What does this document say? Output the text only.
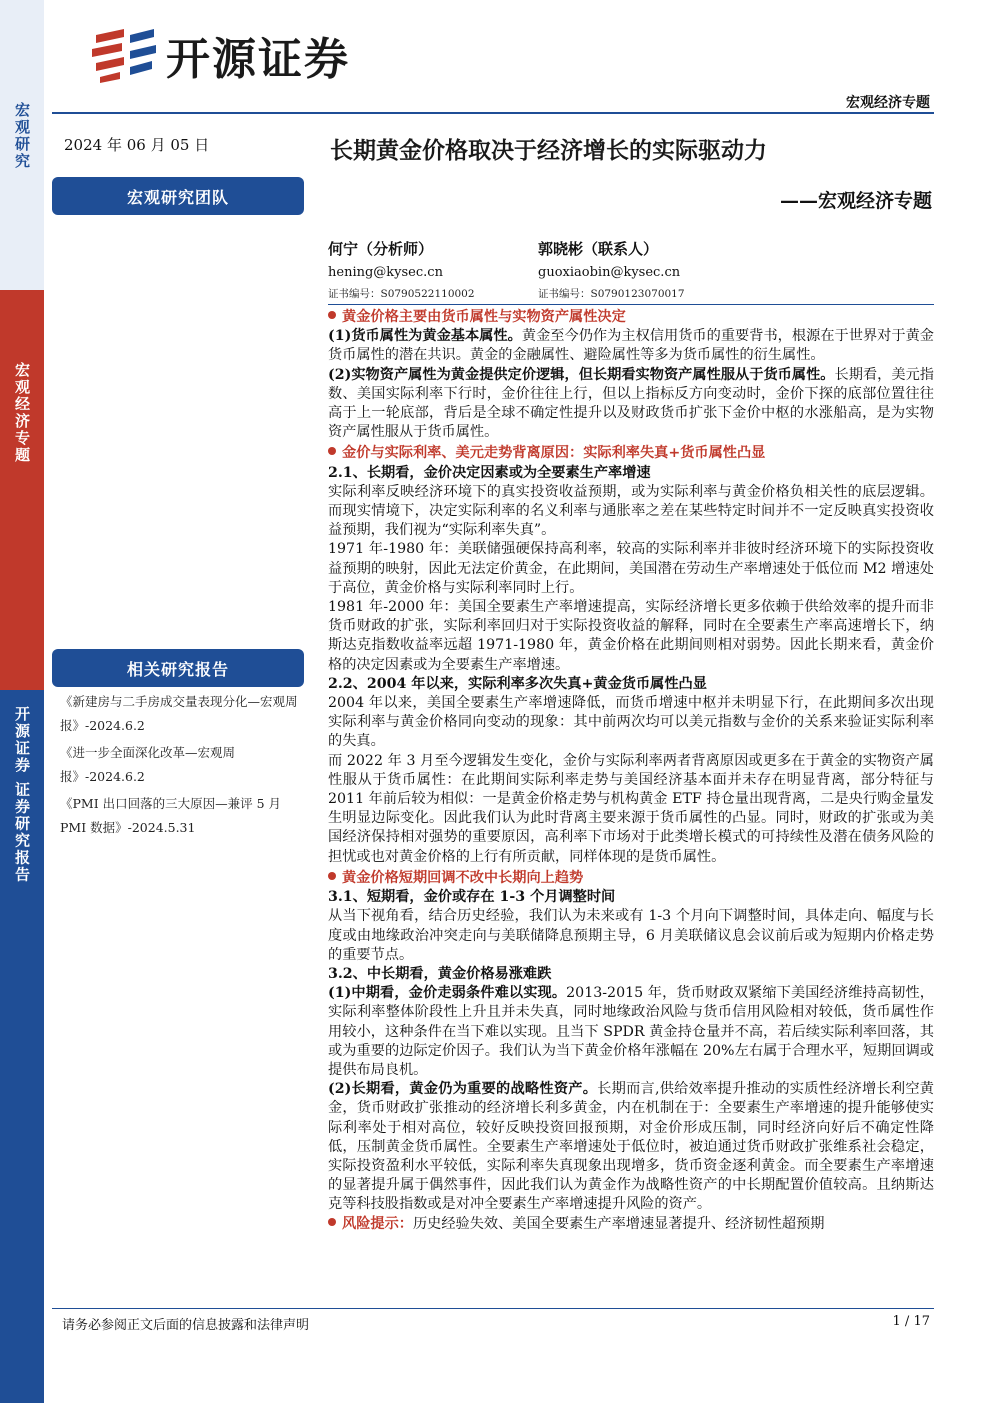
宏观研究
宏观经济专题
开源证券 证券研究报告
开源证券
宏观经济专题
2024 年 06 月 05 日	长期黄金价格取决于经济增长的实际驱动力
——宏观经济专题
宏观研究团队
何宁（分析师）
hening@kysec.cn
证书编号：S0790522110002
郭晓彬（联系人）
guoxiaobin@kysec.cn
证书编号：S0790123070017
相关研究报告
《新建房与二手房成交量表现分化—宏观周报》-2024.6.2
《进一步全面深化改革—宏观周报》-2024.6.2
《PMI 出口回落的三大原因—兼评 5 月 PMI 数据》-2024.5.31
黄金价格主要由货币属性与实物资产属性决定

(1)货币属性为黄金基本属性。黄金至今仍作为主权信用货币的重要背书，根源在于世界对于黄金货币属性的潜在共识。黄金的金融属性、避险属性等多为货币属性的衍生属性。

(2)实物资产属性为黄金提供定价逻辑，但长期看实物资产属性服从于货币属性。长期看，美元指数、美国实际利率下行时，金价往往上行，但以上指标反方向变动时，金价下探的底部位置往往高于上一轮底部，背后是全球不确定性提升以及财政货币扩张下金价中枢的水涨船高，是为实物资产属性服从于货币属性。

金价与实际利率、美元走势背离原因：实际利率失真+货币属性凸显
2.1、长期看，金价决定因素或为全要素生产率增速

实际利率反映经济环境下的真实投资收益预期，或为实际利率与黄金价格负相关性的底层逻辑。而现实情境下，决定实际利率的名义利率与通胀率之差在某些特定时间并不一定反映真实投资收益预期，我们视为“实际利率失真”。

1971 年-1980 年：美联储强硬保持高利率，较高的实际利率并非彼时经济环境下的实际投资收益预期的映射，因此无法定价黄金，在此期间，美国潜在劳动生产率增速处于低位而 M2 增速处于高位，黄金价格与实际利率同时上行。

1981 年-2000 年：美国全要素生产率增速提高，实际经济增长更多依赖于供给效率的提升而非货币财政的扩张，实际利率回归对于实际投资收益的解释，同时在全要素生产率高速增长下，纳斯达克指数收益率远超 1971-1980 年，黄金价格在此期间则相对弱势。因此长期来看，黄金价格的决定因素或为全要素生产率增速。

2.2、2004 年以来，实际利率多次失真+黄金货币属性凸显

2004 年以来，美国全要素生产率增速降低，而货币增速中枢并未明显下行，在此期间多次出现实际利率与黄金价格同向变动的现象：其中前两次均可以美元指数与金价的关系来验证实际利率的失真。

而 2022 年 3 月至今逻辑发生变化，金价与实际利率两者背离原因或更多在于黄金的实物资产属性服从于货币属性：在此期间实际利率走势与美国经济基本面并未存在明显背离，部分特征与 2011 年前后较为相似：一是黄金价格走势与机构黄金 ETF 持仓量出现背离，二是央行购金量发生明显边际变化。因此我们认为此时背离主要来源于货币属性的凸显。同时，财政的扩张或为美国经济保持相对强势的重要原因，高利率下市场对于此类增长模式的可持续性及潜在债务风险的担忧或也对黄金价格的上行有所贡献，同样体现的是货币属性。

黄金价格短期回调不改中长期向上趋势
3.1、短期看，金价或存在 1-3 个月调整时间

从当下视角看，结合历史经验，我们认为未来或有 1-3 个月向下调整时间，具体走向、幅度与长度或由地缘政治冲突走向与美联储降息预期主导，6 月美联储议息会议前后或为短期内价格走势的重要节点。

3.2、中长期看，黄金价格易涨难跌

(1)中期看，金价走弱条件难以实现。2013-2015 年，货币财政双紧缩下美国经济维持高韧性，实际利率整体阶段性上升且并未失真，同时地缘政治风险与货币信用风险相对较低，货币属性作用较小，这种条件在当下难以实现。且当下 SPDR 黄金持仓量并不高，若后续实际利率回落，其或为重要的边际定价因子。我们认为当下黄金价格年涨幅在 20%左右属于合理水平，短期回调或提供布局良机。

(2)长期看，黄金仍为重要的战略性资产。长期而言,供给效率提升推动的实质性经济增长利空黄金，货币财政扩张推动的经济增长利多黄金，内在机制在于：全要素生产率增速的提升能够使实际利率处于相对高位，较好反映投资回报预期，对金价形成压制，同时经济向好后不确定性降低，压制黄金货币属性。全要素生产率增速处于低位时，被迫通过货币财政扩张维系社会稳定，实际投资盈利水平较低，实际利率失真现象出现增多，货币资金逐利黄金。而全要素生产率增速的显著提升属于偶然事件，因此我们认为黄金作为战略性资产的中长期配置价值较高。且纳斯达克等科技股指数或是对冲全要素生产率增速提升风险的资产。

风险提示：历史经验失效、美国全要素生产率增速显著提升、经济韧性超预期

请务必参阅正文后面的信息披露和法律声明	1 / 17
